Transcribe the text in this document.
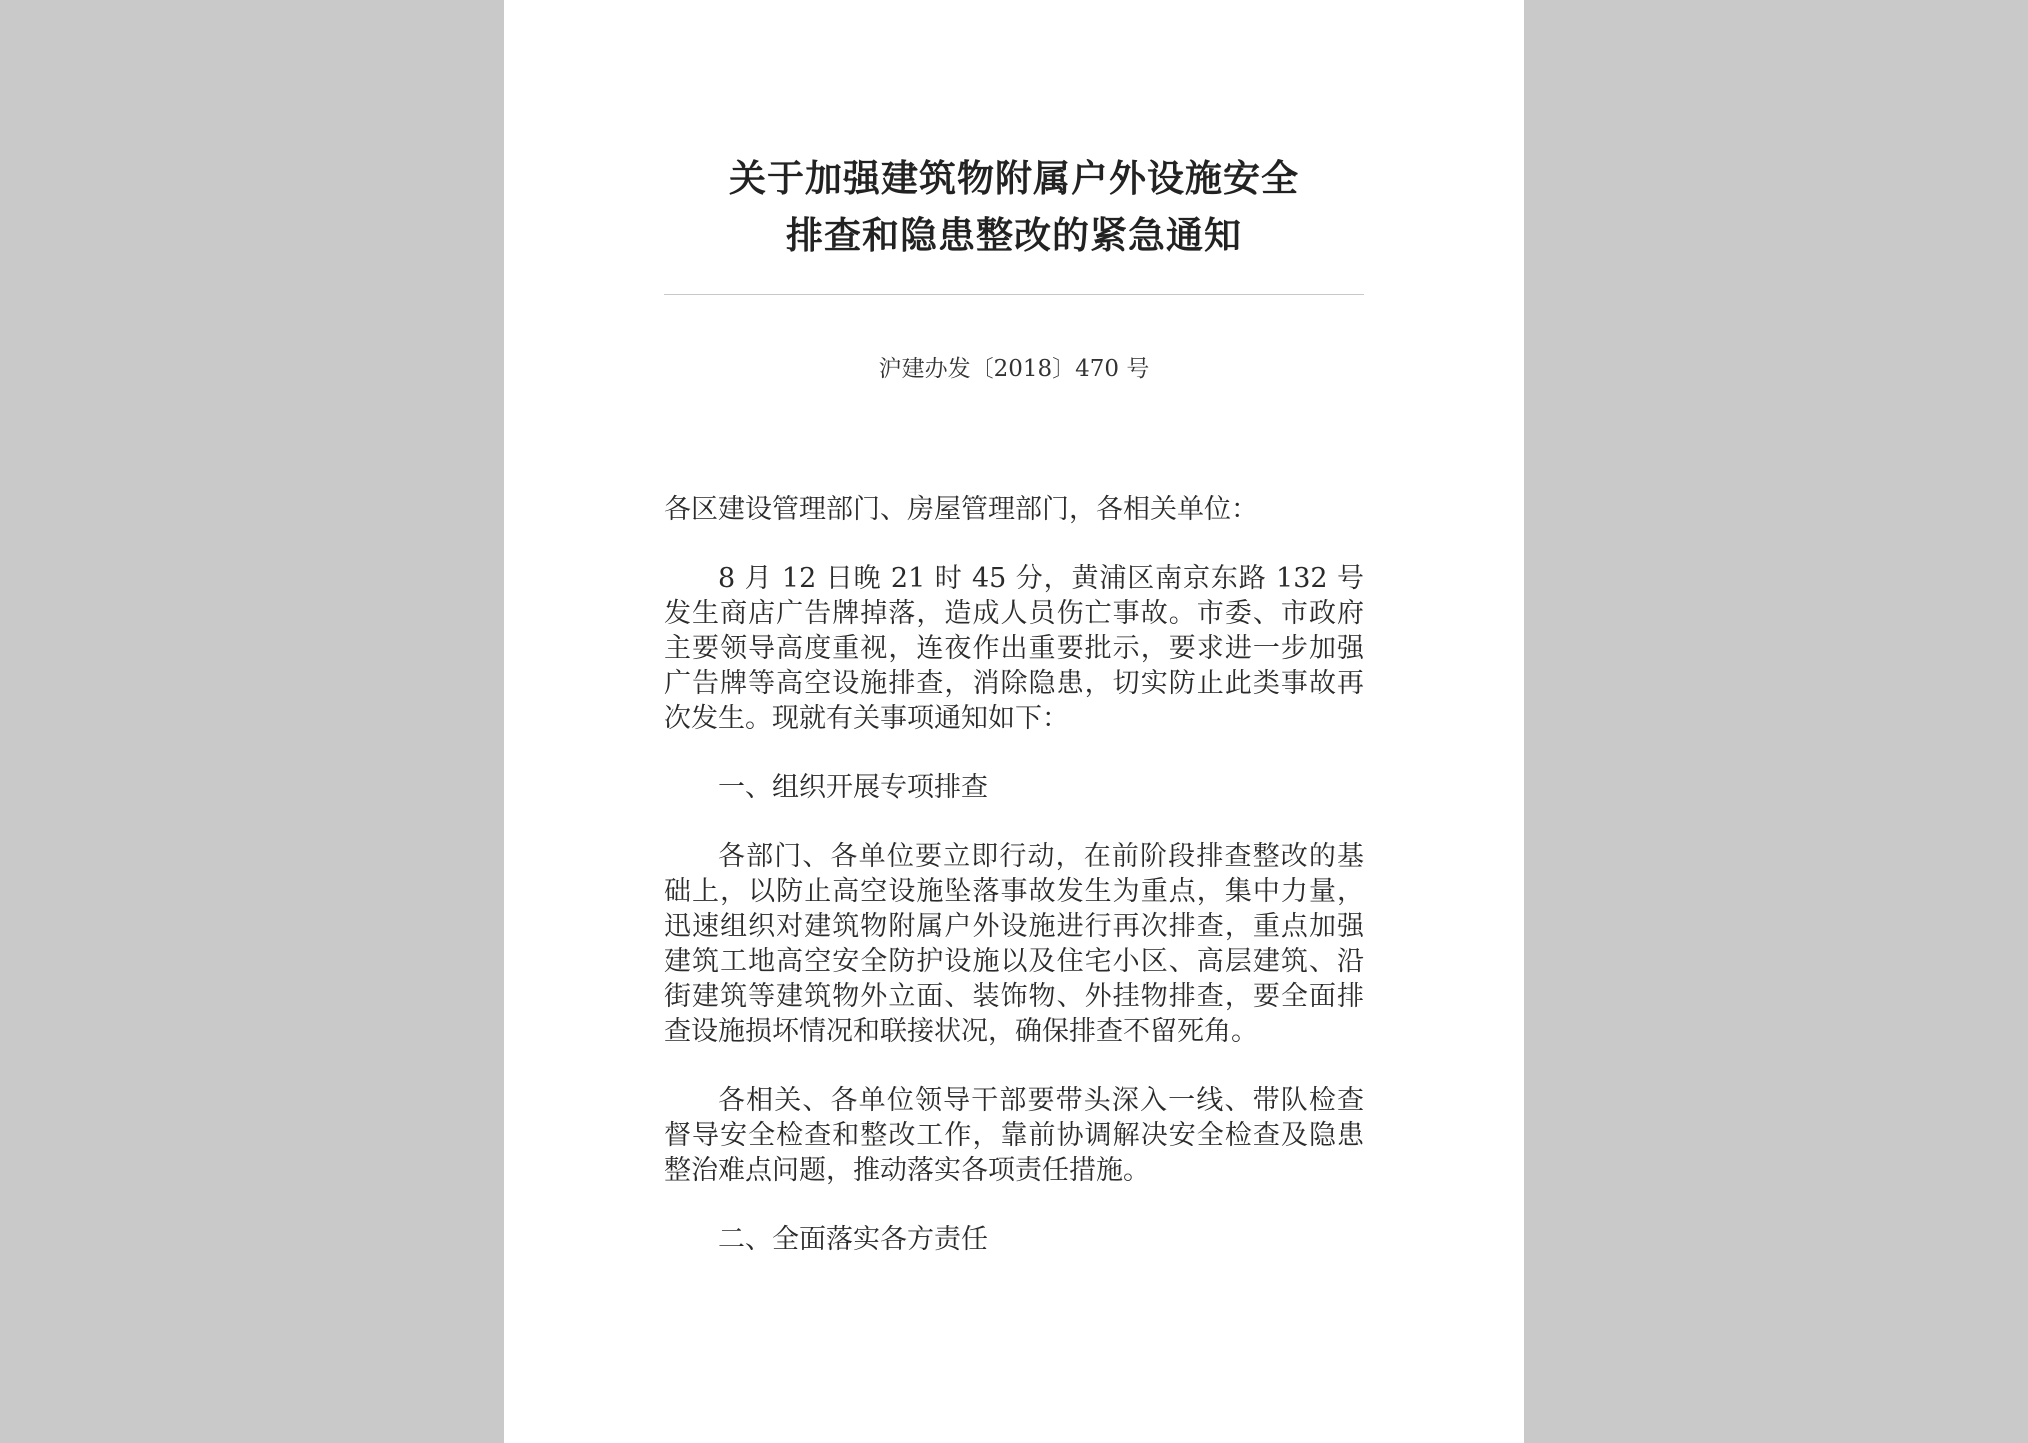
关于加强建筑物附属户外设施安全
排查和隐患整改的紧急通知
沪建办发〔2018〕470 号

各区建设管理部门、房屋管理部门，各相关单位：

8 月 12 日晚 21 时 45 分，黄浦区南京东路 132 号发生商店广告牌掉落，造成人员伤亡事故。市委、市政府主要领导高度重视，连夜作出重要批示，要求进一步加强广告牌等高空设施排查，消除隐患，切实防止此类事故再次发生。现就有关事项通知如下：

一、组织开展专项排查

各部门、各单位要立即行动，在前阶段排查整改的基础上，以防止高空设施坠落事故发生为重点，集中力量，迅速组织对建筑物附属户外设施进行再次排查，重点加强建筑工地高空安全防护设施以及住宅小区、高层建筑、沿街建筑等建筑物外立面、装饰物、外挂物排查，要全面排查设施损坏情况和联接状况，确保排查不留死角。

各相关、各单位领导干部要带头深入一线、带队检查督导安全检查和整改工作，靠前协调解决安全检查及隐患整治难点问题，推动落实各项责任措施。

二、全面落实各方责任
